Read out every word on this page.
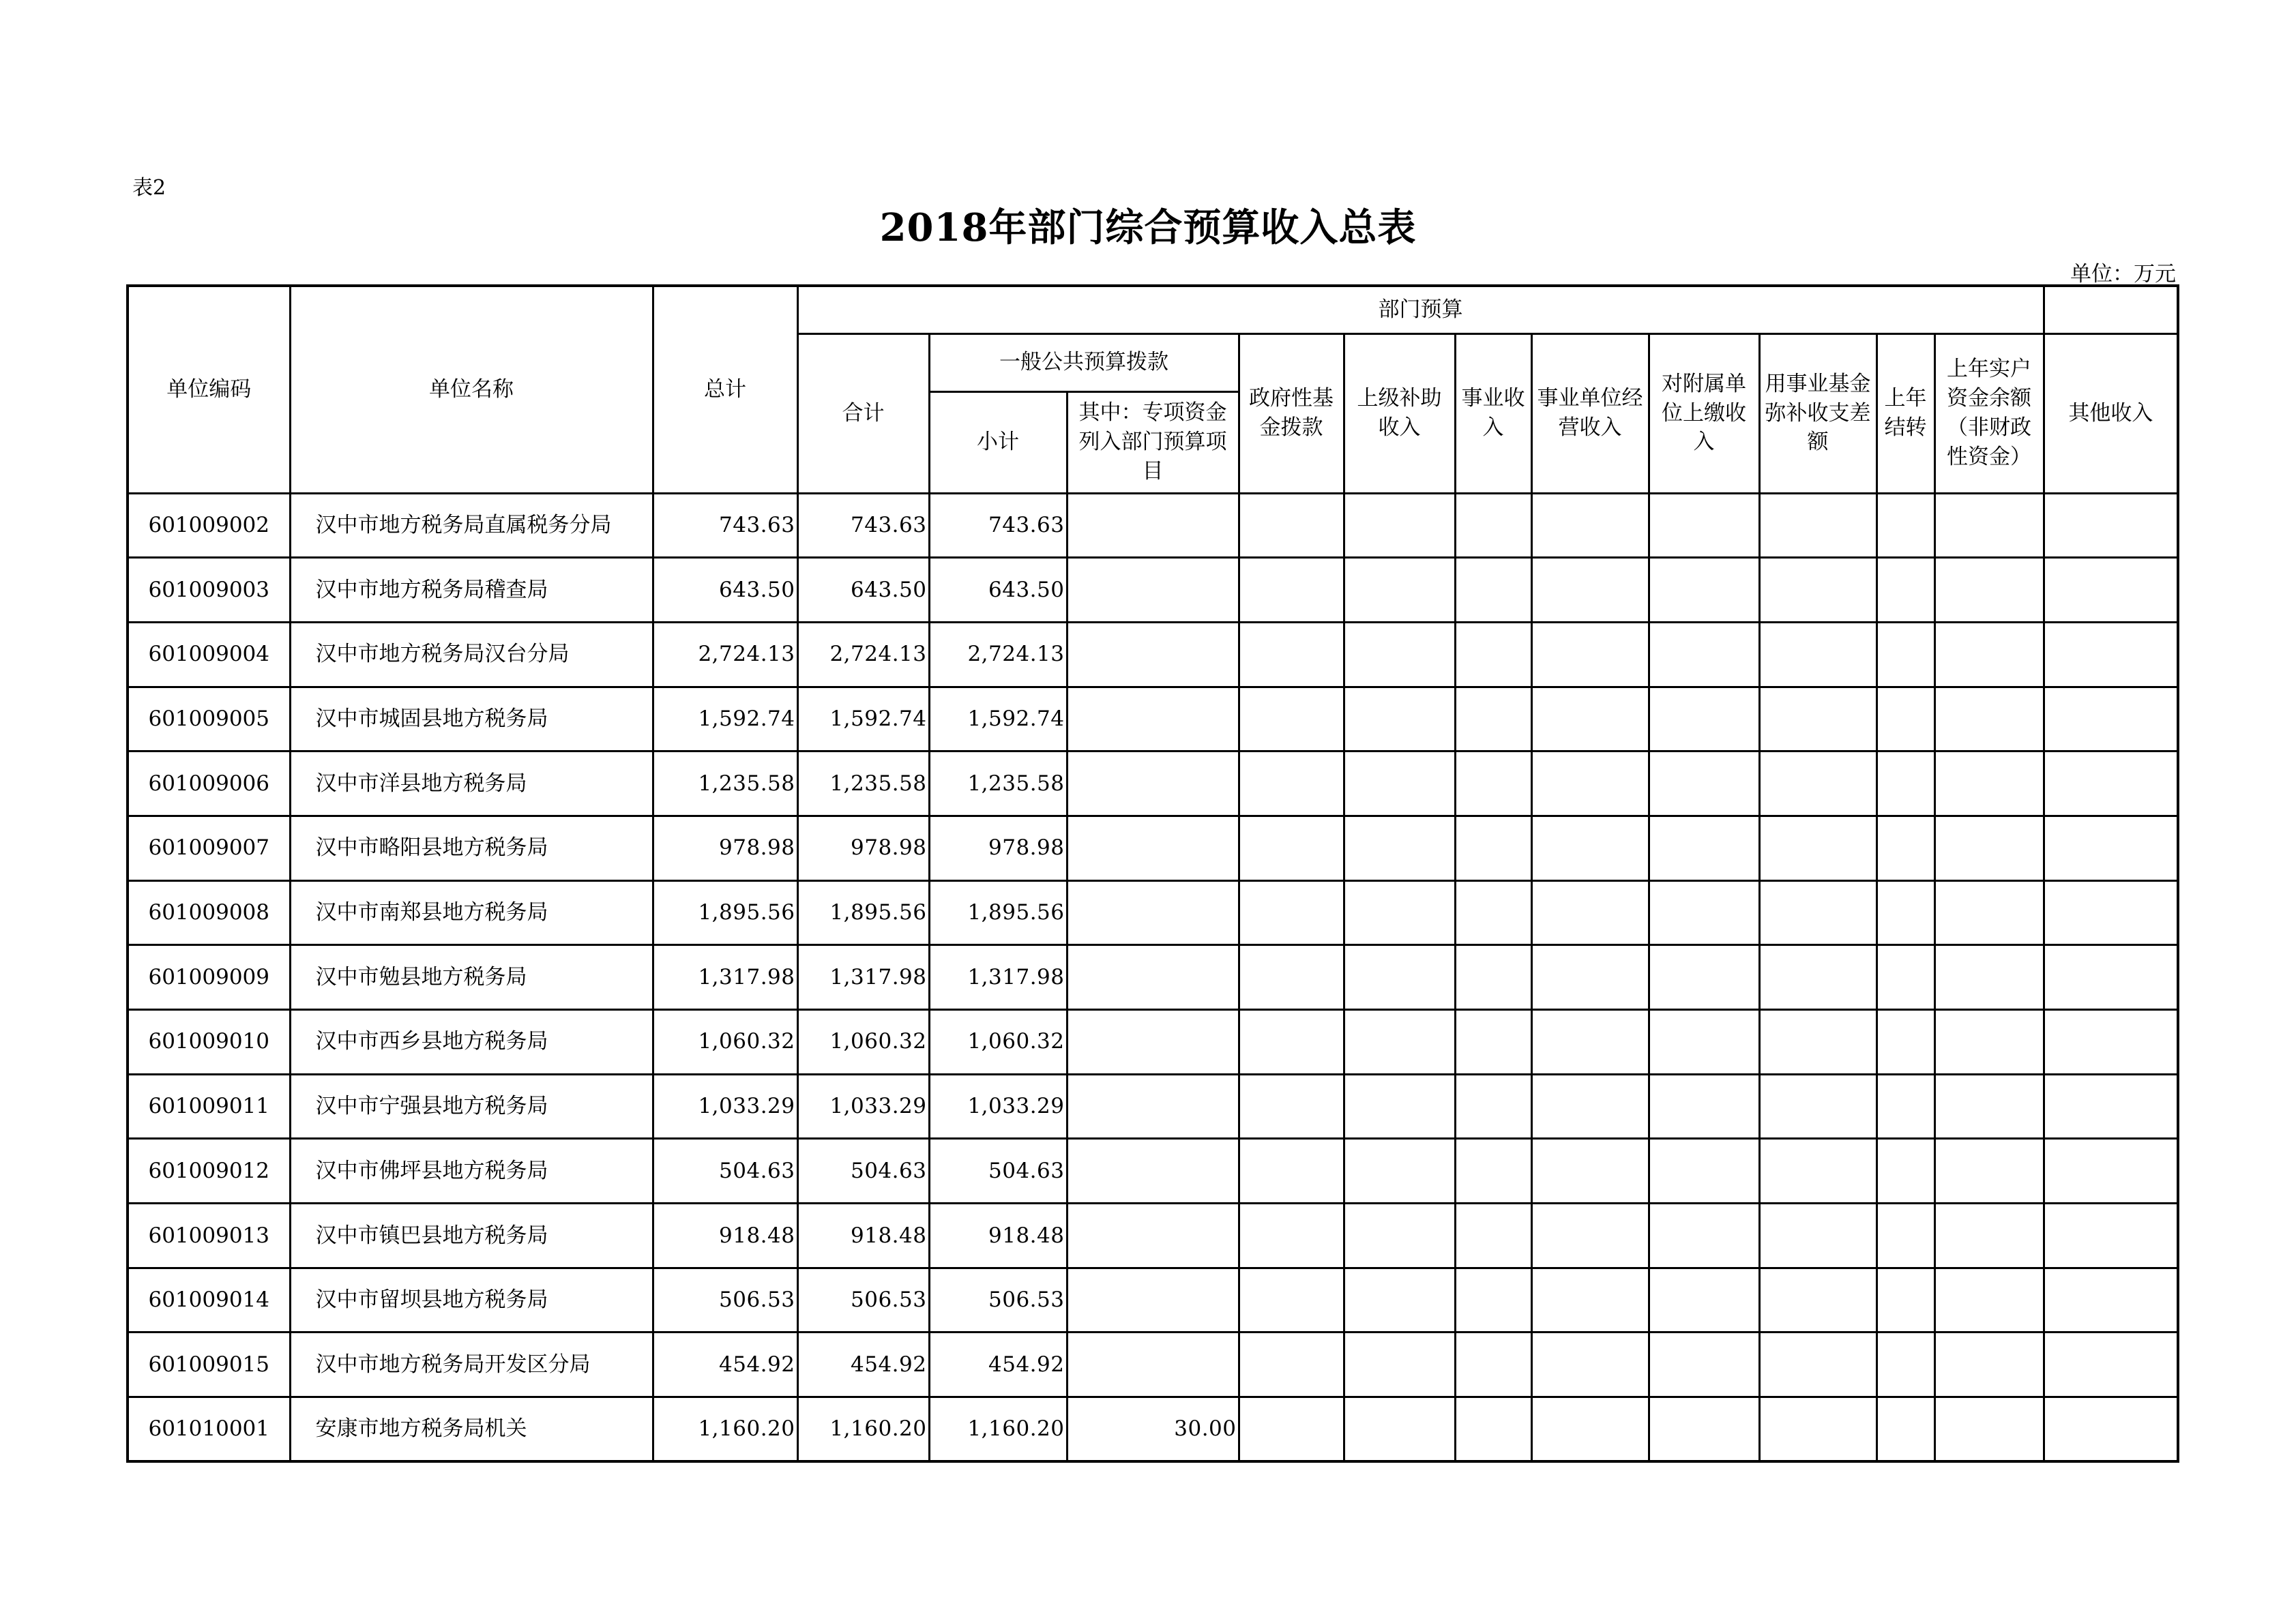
表2
2018年部门综合预算收入总表
单位：万元
单位编码	单位名称	总计	部门预算											
			合计	一般公共预算拨款		政府性基金拨款	上级补助收入	事业收入	事业单位经营收入	对附属单位上缴收入	用事业基金弥补收支差额	上年结转	上年实户资金余额（非财政性资金）	其他收入
				小计	其中：专项资金列入部门预算项目									
601009002	汉中市地方税务局直属税务分局	743.63	743.63	743.63										
601009003	汉中市地方税务局稽查局	643.50	643.50	643.50										
601009004	汉中市地方税务局汉台分局	2,724.13	2,724.13	2,724.13										
601009005	汉中市城固县地方税务局	1,592.74	1,592.74	1,592.74										
601009006	汉中市洋县地方税务局	1,235.58	1,235.58	1,235.58										
601009007	汉中市略阳县地方税务局	978.98	978.98	978.98										
601009008	汉中市南郑县地方税务局	1,895.56	1,895.56	1,895.56										
601009009	汉中市勉县地方税务局	1,317.98	1,317.98	1,317.98										
601009010	汉中市西乡县地方税务局	1,060.32	1,060.32	1,060.32										
601009011	汉中市宁强县地方税务局	1,033.29	1,033.29	1,033.29										
601009012	汉中市佛坪县地方税务局	504.63	504.63	504.63										
601009013	汉中市镇巴县地方税务局	918.48	918.48	918.48										
601009014	汉中市留坝县地方税务局	506.53	506.53	506.53										
601009015	汉中市地方税务局开发区分局	454.92	454.92	454.92										
601010001	安康市地方税务局机关	1,160.20	1,160.20	1,160.20	30.00									
